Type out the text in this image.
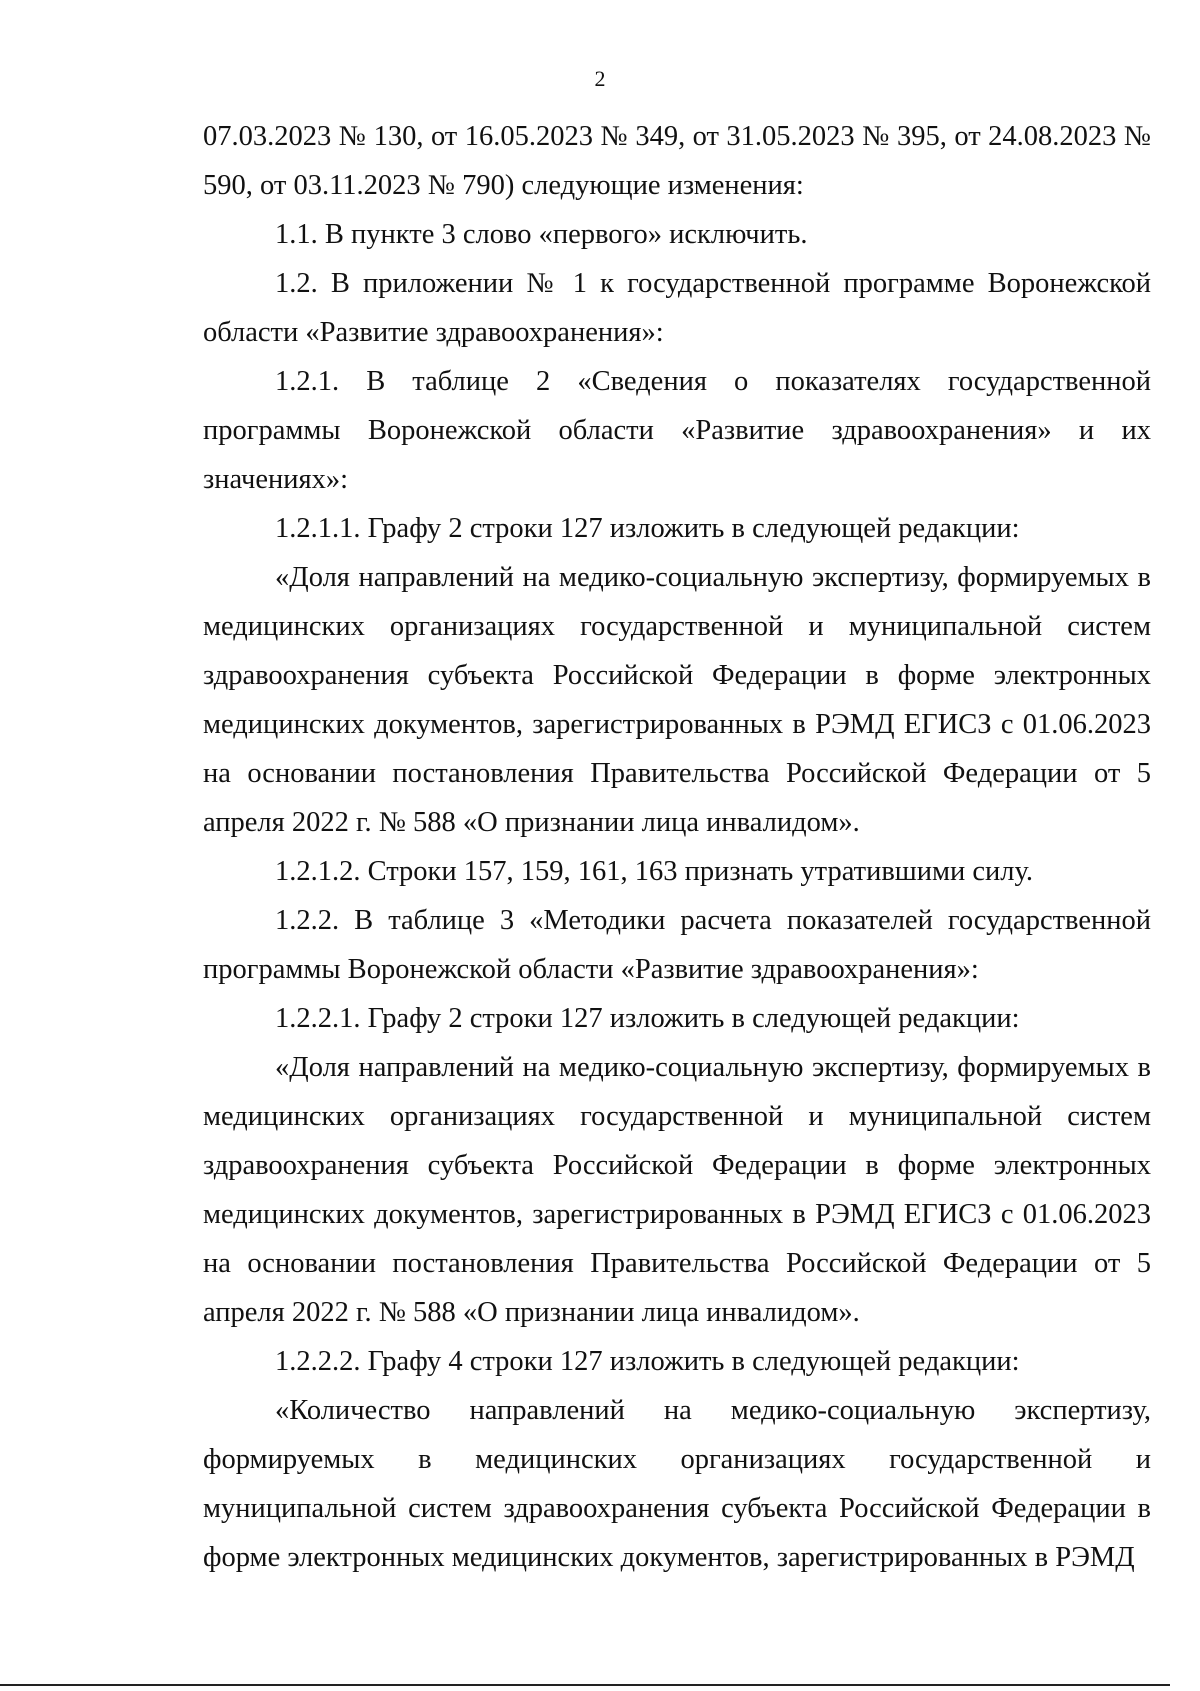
2

07.03.2023 № 130, от 16.05.2023 № 349, от 31.05.2023 № 395, от 24.08.2023 № 590, от 03.11.2023 № 790) следующие изменения:

1.1. В пункте 3 слово «первого» исключить.

1.2. В приложении № 1 к государственной программе Воронежской области «Развитие здравоохранения»:

1.2.1. В таблице 2 «Сведения о показателях государственной программы Воронежской области «Развитие здравоохранения» и их значениях»:

1.2.1.1. Графу 2 строки 127 изложить в следующей редакции:

«Доля направлений на медико-социальную экспертизу, формируемых в медицинских организациях государственной и муниципальной систем здравоохранения субъекта Российской Федерации в форме электронных медицинских документов, зарегистрированных в РЭМД ЕГИСЗ с 01.06.2023 на основании постановления Правительства Российской Федерации от 5 апреля 2022 г. № 588 «О признании лица инвалидом».

1.2.1.2. Строки 157, 159, 161, 163 признать утратившими силу.

1.2.2. В таблице 3 «Методики расчета показателей государственной программы Воронежской области «Развитие здравоохранения»:

1.2.2.1. Графу 2 строки 127 изложить в следующей редакции:

«Доля направлений на медико-социальную экспертизу, формируемых в медицинских организациях государственной и муниципальной систем здравоохранения субъекта Российской Федерации в форме электронных медицинских документов, зарегистрированных в РЭМД ЕГИСЗ с 01.06.2023 на основании постановления Правительства Российской Федерации от 5 апреля 2022 г. № 588 «О признании лица инвалидом».

1.2.2.2. Графу 4 строки 127 изложить в следующей редакции:

«Количество направлений на медико-социальную экспертизу, формируемых в медицинских организациях государственной и муниципальной систем здравоохранения субъекта Российской Федерации в форме электронных медицинских документов, зарегистрированных в РЭМД
